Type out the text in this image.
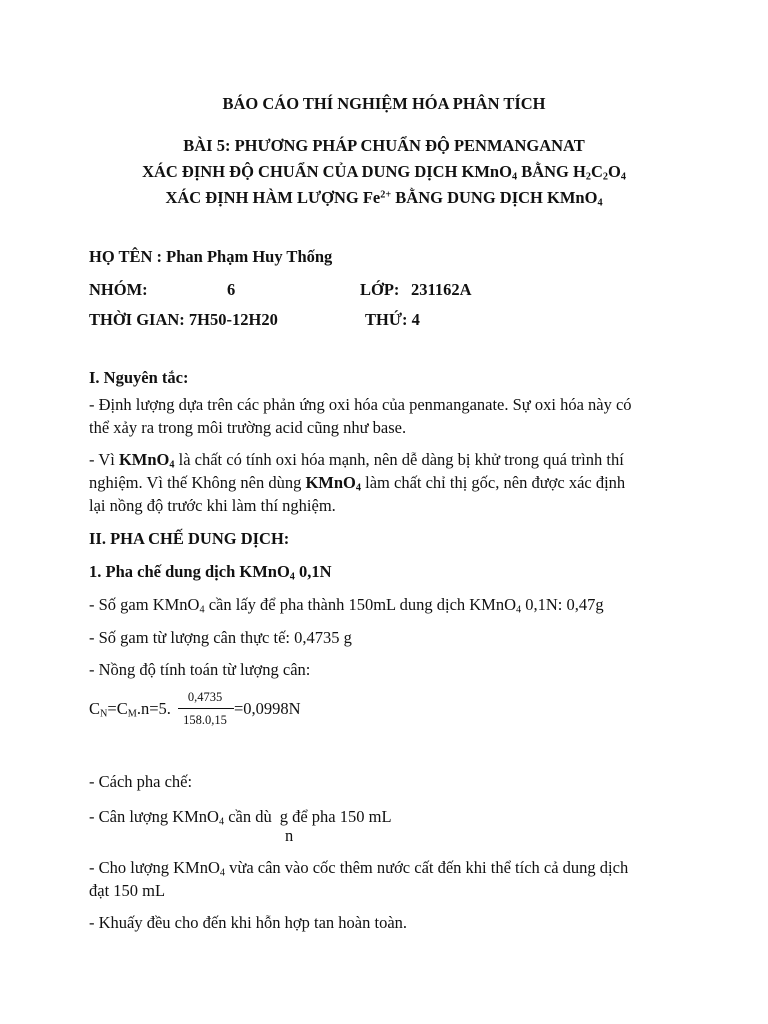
BÁO CÁO THÍ NGHIỆM HÓA PHÂN TÍCH
BÀI 5: PHƯƠNG PHÁP CHUẨN ĐỘ PENMANGANAT
XÁC ĐỊNH ĐỘ CHUẨN CỦA DUNG DỊCH KMnO$_4$ BẰNG $H_2C_2O_4$
XÁC ĐỊNH HÀM LƯỢNG $Fe^{2+}$ BẰNG DUNG DỊCH KMnO$_4$
HỌ TÊN : Phan Phạm Huy Thống
NHÓM:	6	LỚP: 231162A
THỜI GIAN: 7H50-12H20	THỨ: 4
I. Nguyên tắc:
- Định lượng dựa trên các phản ứng oxi hóa của penmanganate. Sự oxi hóa này có
thể xảy ra trong môi trường acid cũng như base.
- Vì KMnO$_4$ là chất có tính oxi hóa mạnh, nên dễ dàng bị khử trong quá trình thí
nghiệm. Vì thế Không nên dùng KMnO$_4$ làm chất chỉ thị gốc, nên được xác định
lại nồng độ trước khi làm thí nghiệm.
II. PHA CHẾ DUNG DỊCH:
1. Pha chế dung dịch KMnO$_4$ 0,1N
- Số gam KMnO$_4$ cần lấy để pha thành 150mL dung dịch KMnO$_4$ 0,1N: 0,47g
- Số gam từ lượng cân thực tế: 0,4735 g
- Nồng độ tính toán từ lượng cân:
$C_N=C_M.n=5$.
0,4735
158.0,15
=0,0998N
- Cách pha chế:
- Cân lượng KMnO$_4$ cần dù g để pha 150 mL
n
- Cho lượng KMnO$_4$ vừa cân vào cốc thêm nước cất đến khi thể tích cả dung dịch
đạt 150 mL
- Khuấy đều cho đến khi hỗn hợp tan hoàn toàn.
